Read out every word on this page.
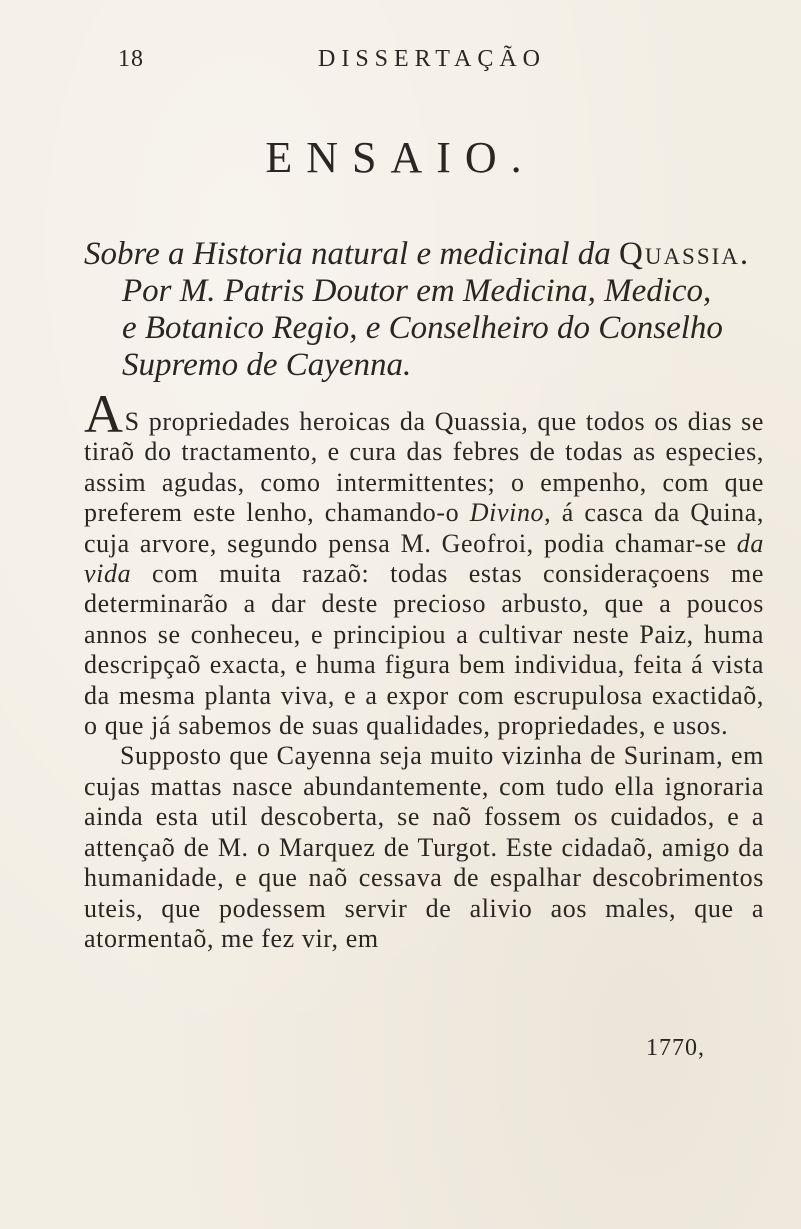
18	DISSERTAÇÃO
ENSAIO.
Sobre a Historia natural e medicinal da Quassia.
Por M. Patris Doutor em Medicina, Medico,
e Botanico Regio, e Conselheiro do Conselho
Supremo de Cayenna.

AS propriedades heroicas da Quassia, que todos os dias se tiraõ do tractamento, e cura das febres de todas as especies, assim agudas, como intermittentes; o empenho, com que preferem este lenho, chamando-o Divino, á casca da Quina, cuja arvore, segundo pensa M. Geofroi, podia chamar-se da vida com muita razaõ: todas estas consideraçoens me determinarão a dar deste precioso arbusto, que a poucos annos se conheceu, e principiou a cultivar neste Paiz, huma descripçaõ exacta, e huma figura bem individua, feita á vista da mesma planta viva, e a expor com escrupulosa exactidaõ, o que já sabemos de suas qualidades, propriedades, e usos.

Supposto que Cayenna seja muito vizinha de Surinam, em cujas mattas nasce abundantemente, com tudo ella ignoraria ainda esta util descoberta, se naõ fossem os cuidados, e a attençaõ de M. o Marquez de Turgot. Este cidadaõ, amigo da humanidade, e que naõ cessava de espalhar descobrimentos uteis, que podessem servir de alivio aos males, que a atormentaõ, me fez vir, em

1770,
